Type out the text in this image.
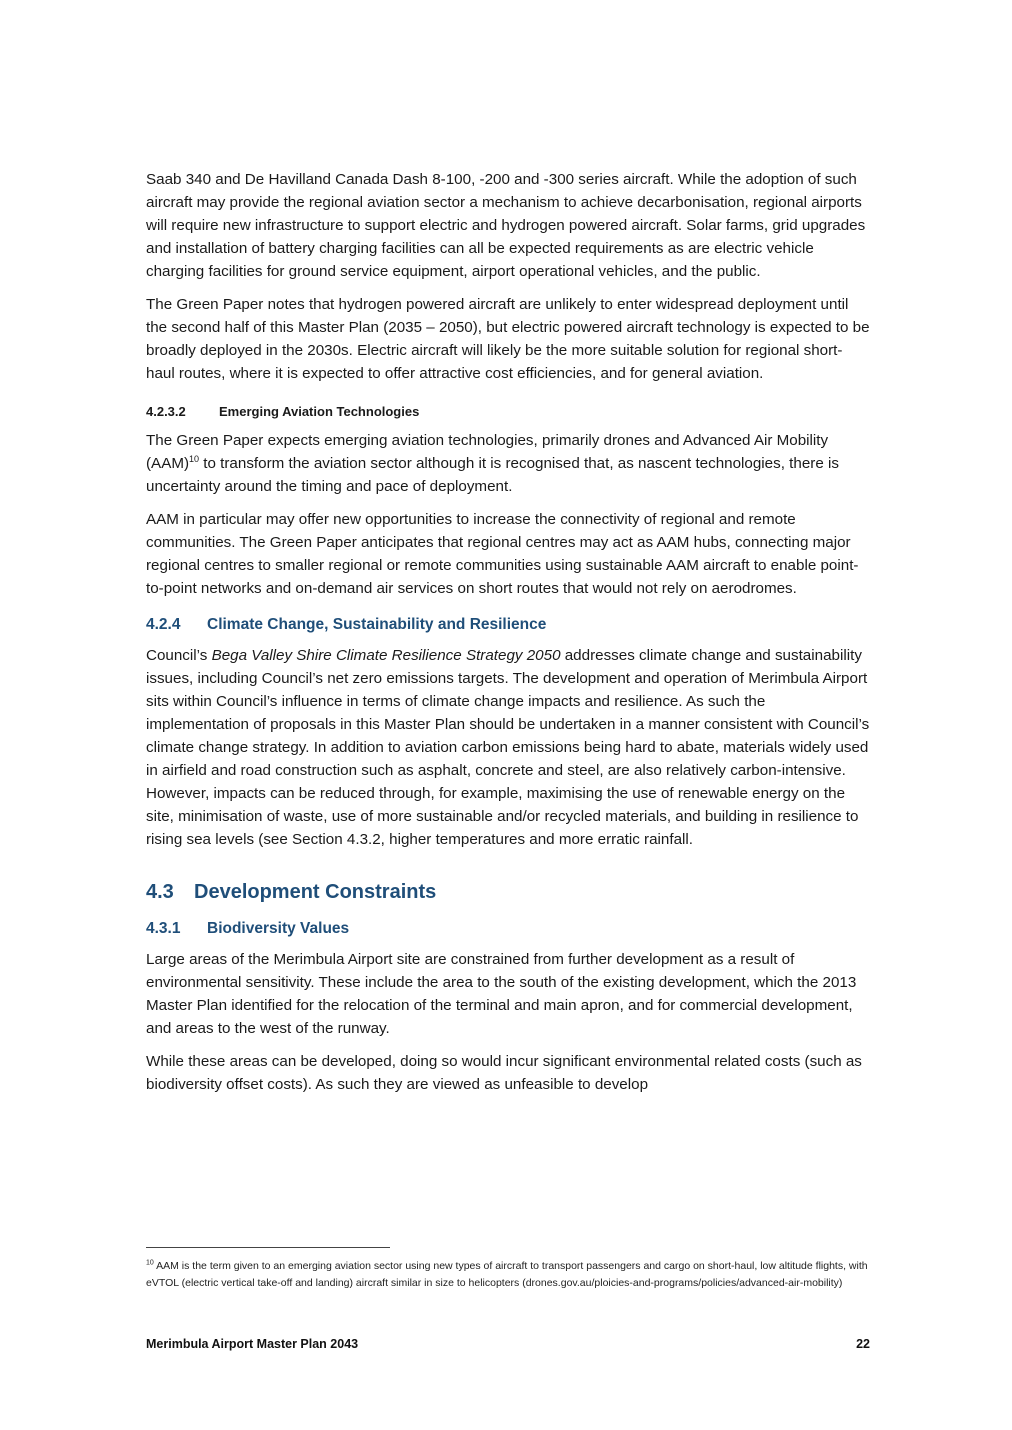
Saab 340 and De Havilland Canada Dash 8-100, -200 and -300 series aircraft. While the adoption of such aircraft may provide the regional aviation sector a mechanism to achieve decarbonisation, regional airports will require new infrastructure to support electric and hydrogen powered aircraft. Solar farms, grid upgrades and installation of battery charging facilities can all be expected requirements as are electric vehicle charging facilities for ground service equipment, airport operational vehicles, and the public.

The Green Paper notes that hydrogen powered aircraft are unlikely to enter widespread deployment until the second half of this Master Plan (2035 – 2050), but electric powered aircraft technology is expected to be broadly deployed in the 2030s. Electric aircraft will likely be the more suitable solution for regional short-haul routes, where it is expected to offer attractive cost efficiencies, and for general aviation.

4.2.3.2	Emerging Aviation Technologies

The Green Paper expects emerging aviation technologies, primarily drones and Advanced Air Mobility (AAM)$^{10}$ to transform the aviation sector although it is recognised that, as nascent technologies, there is uncertainty around the timing and pace of deployment.

AAM in particular may offer new opportunities to increase the connectivity of regional and remote communities. The Green Paper anticipates that regional centres may act as AAM hubs, connecting major regional centres to smaller regional or remote communities using sustainable AAM aircraft to enable point-to-point networks and on-demand air services on short routes that would not rely on aerodromes.

4.2.4	Climate Change, Sustainability and Resilience

Council’s Bega Valley Shire Climate Resilience Strategy 2050 addresses climate change and sustainability issues, including Council’s net zero emissions targets. The development and operation of Merimbula Airport sits within Council’s influence in terms of climate change impacts and resilience. As such the implementation of proposals in this Master Plan should be undertaken in a manner consistent with Council’s climate change strategy. In addition to aviation carbon emissions being hard to abate, materials widely used in airfield and road construction such as asphalt, concrete and steel, are also relatively carbon-intensive. However, impacts can be reduced through, for example, maximising the use of renewable energy on the site, minimisation of waste, use of more sustainable and/or recycled materials, and building in resilience to rising sea levels (see Section 4.3.2, higher temperatures and more erratic rainfall.

4.3	Development Constraints
4.3.1	Biodiversity Values

Large areas of the Merimbula Airport site are constrained from further development as a result of environmental sensitivity. These include the area to the south of the existing development, which the 2013 Master Plan identified for the relocation of the terminal and main apron, and for commercial development, and areas to the west of the runway.

While these areas can be developed, doing so would incur significant environmental related costs (such as biodiversity offset costs). As such they are viewed as unfeasible to develop

$^{10}$ AAM is the term given to an emerging aviation sector using new types of aircraft to transport passengers and cargo on short-haul, low altitude flights, with eVTOL (electric vertical take-off and landing) aircraft similar in size to helicopters (drones.gov.au/ploicies-and-programs/policies/advanced-air-mobility)
Merimbula Airport Master Plan 2043	22
